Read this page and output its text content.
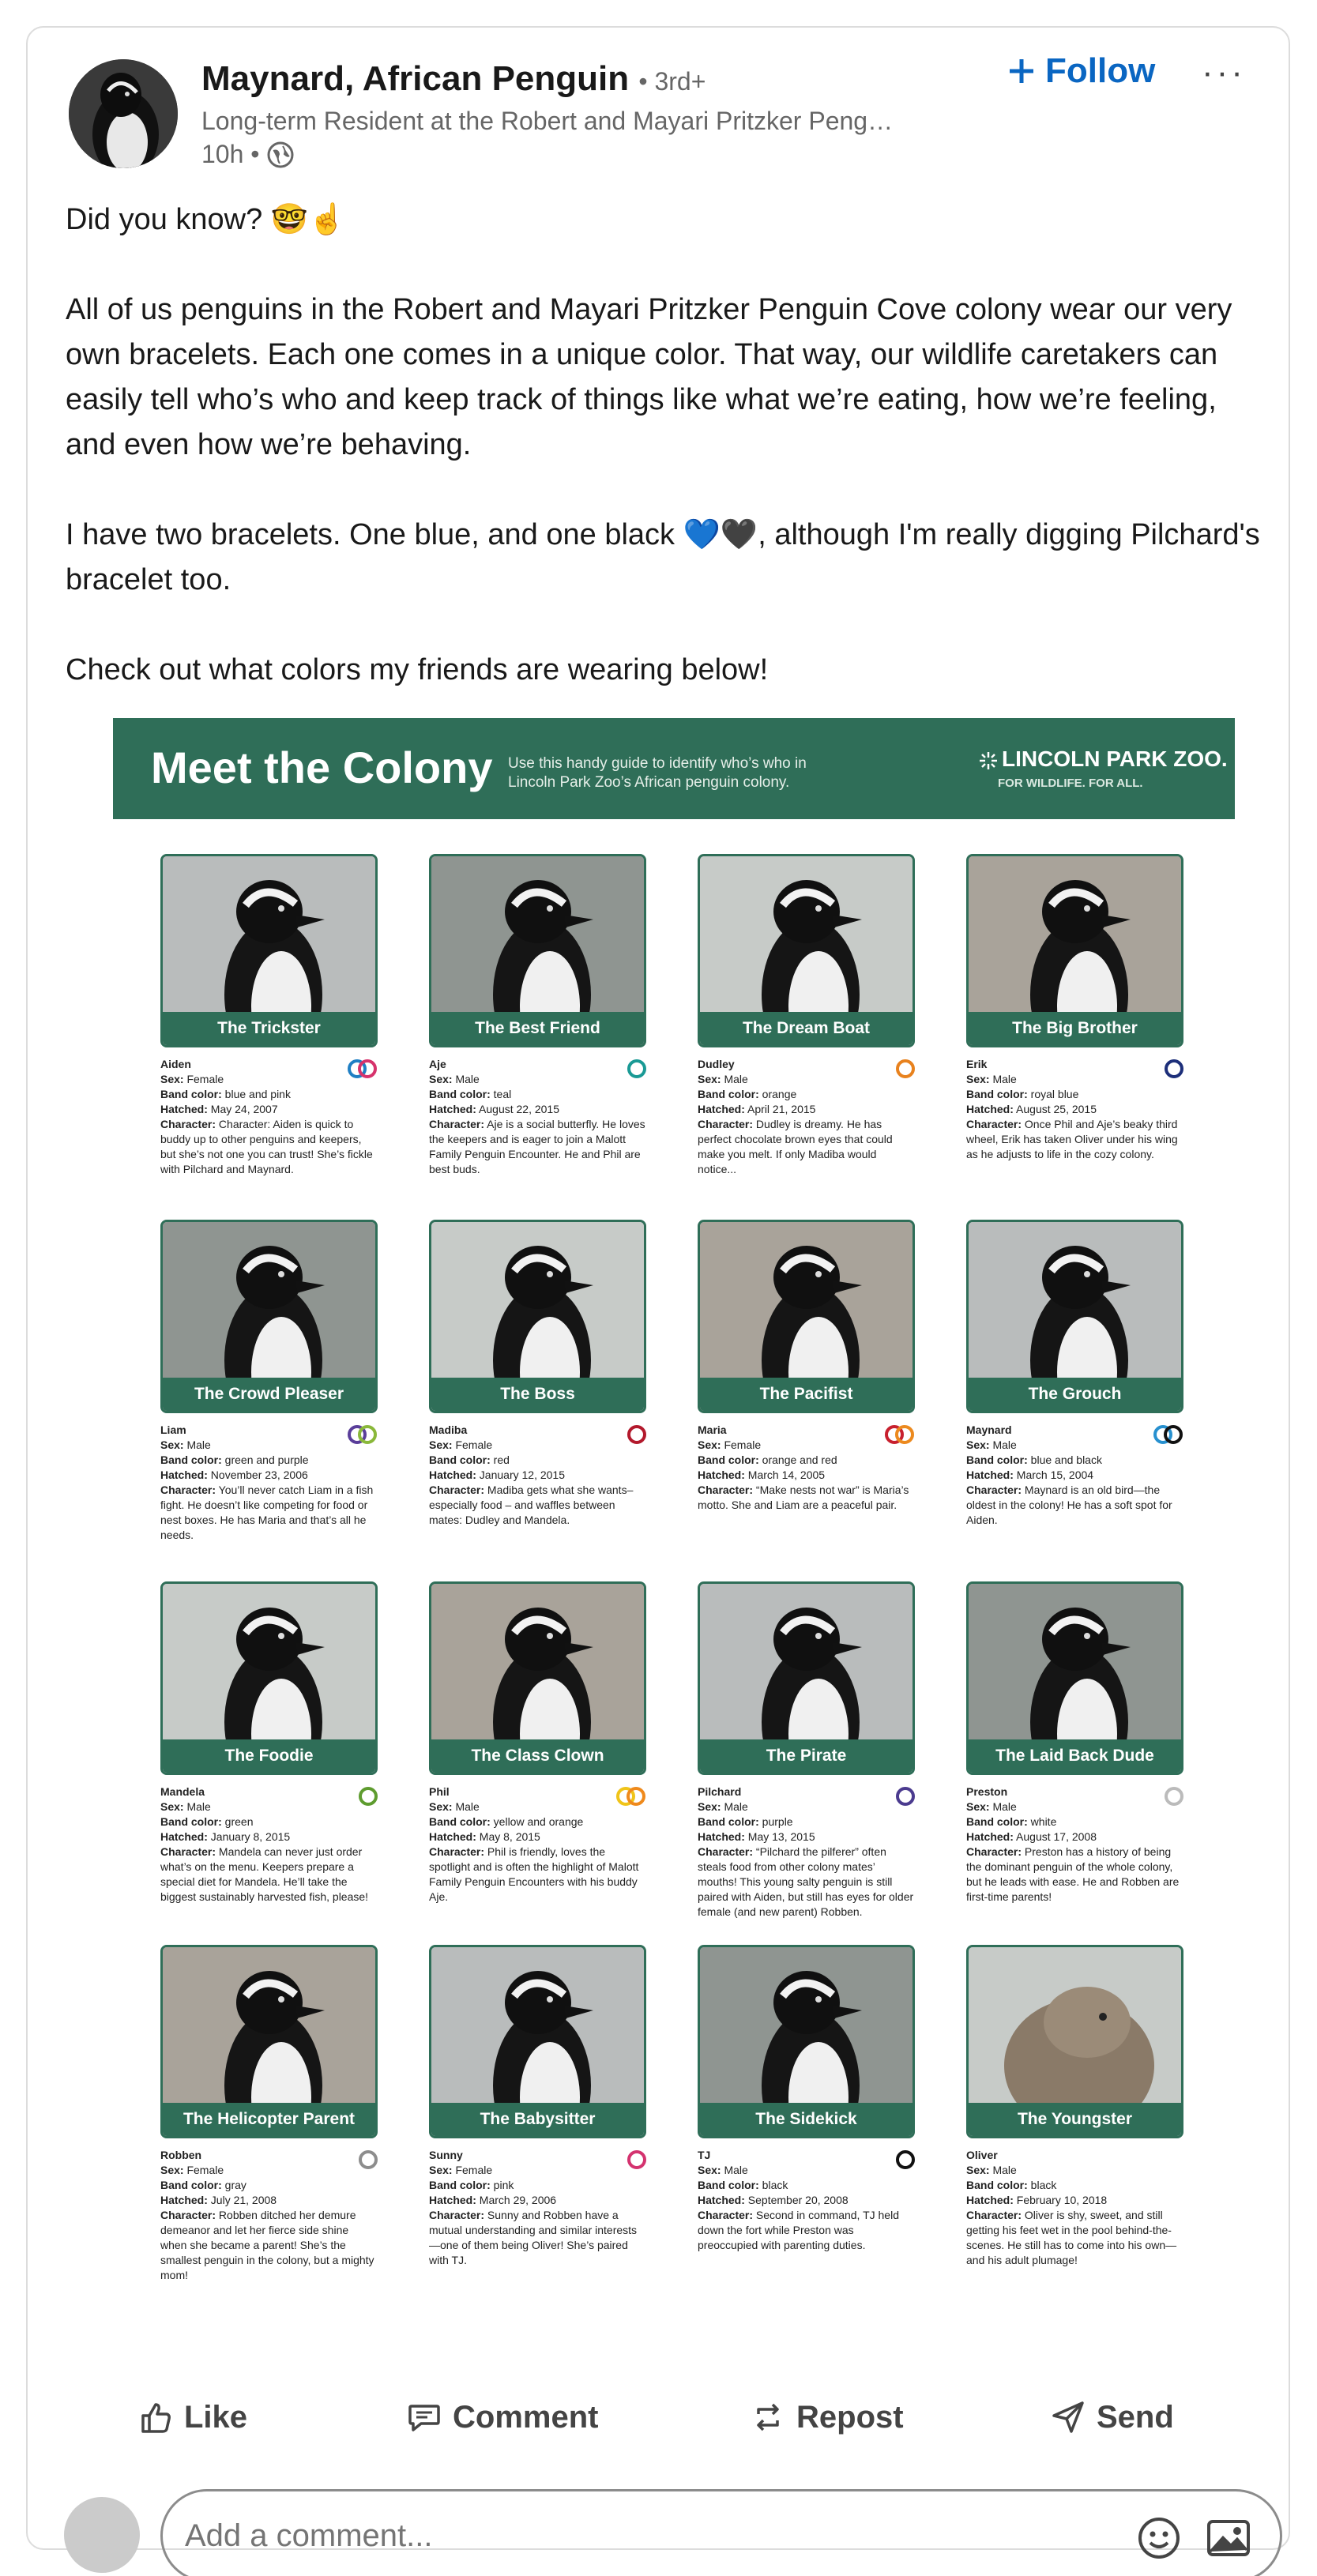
Maynard, African Penguin • 3rd+
Long-term Resident at the Robert and Mayari Pritzker Peng…
10h •
Follow ···

Did you know? 🤓☝️

All of us penguins in the Robert and Mayari Pritzker Penguin Cove colony wear our very own bracelets. Each one comes in a unique color. That way, our wildlife caretakers can easily tell who’s who and keep track of things like what we’re eating, how we’re feeling, and even how we’re behaving.

I have two bracelets. One blue, and one black 💙🖤, although I'm really digging Pilchard's bracelet too.

Check out what colors my friends are wearing below!

Meet the Colony Use this handy guide to identify who’s who in Lincoln Park Zoo’s African penguin colony.
LINCOLN PARK ZOO.
FOR WILDLIFE. FOR ALL.
The Trickster
Aiden
Sex: Female
Band color: blue and pink
Hatched: May 24, 2007
Character: Character: Aiden is quick to buddy up to other penguins and keepers, but she’s not one you can trust! She’s fickle with Pilchard and Maynard.
The Best Friend
Aje
Sex: Male
Band color: teal
Hatched: August 22, 2015
Character: Aje is a social butterfly. He loves the keepers and is eager to join a Malott Family Penguin Encounter. He and Phil are best buds.
The Dream Boat
Dudley
Sex: Male
Band color: orange
Hatched: April 21, 2015
Character: Dudley is dreamy. He has perfect chocolate brown eyes that could make you melt. If only Madiba would notice...
The Big Brother
Erik
Sex: Male
Band color: royal blue
Hatched: August 25, 2015
Character: Once Phil and Aje’s beaky third wheel, Erik has taken Oliver under his wing as he adjusts to life in the cozy colony.
The Crowd Pleaser
Liam
Sex: Male
Band color: green and purple
Hatched: November 23, 2006
Character: You’ll never catch Liam in a fish fight. He doesn’t like competing for food or nest boxes. He has Maria and that’s all he needs.
The Boss
Madiba
Sex: Female
Band color: red
Hatched: January 12, 2015
Character: Madiba gets what she wants– especially food – and waffles between mates: Dudley and Mandela.
The Pacifist
Maria
Sex: Female
Band color: orange and red
Hatched: March 14, 2005
Character: “Make nests not war” is Maria’s motto. She and Liam are a peaceful pair.
The Grouch
Maynard
Sex: Male
Band color: blue and black
Hatched: March 15, 2004
Character: Maynard is an old bird—the oldest in the colony! He has a soft spot for Aiden.
The Foodie
Mandela
Sex: Male
Band color: green
Hatched: January 8, 2015
Character: Mandela can never just order what’s on the menu. Keepers prepare a special diet for Mandela. He’ll take the biggest sustainably harvested fish, please!
The Class Clown
Phil
Sex: Male
Band color: yellow and orange
Hatched: May 8, 2015
Character: Phil is friendly, loves the spotlight and is often the highlight of Malott Family Penguin Encounters with his buddy Aje.
The Pirate
Pilchard
Sex: Male
Band color: purple
Hatched: May 13, 2015
Character: “Pilchard the pilferer” often steals food from other colony mates’ mouths! This young salty penguin is still paired with Aiden, but still has eyes for older female (and new parent) Robben.
The Laid Back Dude
Preston
Sex: Male
Band color: white
Hatched: August 17, 2008
Character: Preston has a history of being the dominant penguin of the whole colony, but he leads with ease. He and Robben are first-time parents!
The Helicopter Parent
Robben
Sex: Female
Band color: gray
Hatched: July 21, 2008
Character: Robben ditched her demure demeanor and let her fierce side shine when she became a parent! She’s the smallest penguin in the colony, but a mighty mom!
The Babysitter
Sunny
Sex: Female
Band color: pink
Hatched: March 29, 2006
Character: Sunny and Robben have a mutual understanding and similar interests—one of them being Oliver! She’s paired with TJ.
The Sidekick
TJ
Sex: Male
Band color: black
Hatched: September 20, 2008
Character: Second in command, TJ held down the fort while Preston was preoccupied with parenting duties.
The Youngster
Oliver
Sex: Male
Band color: black
Hatched: February 10, 2018
Character: Oliver is shy, sweet, and still getting his feet wet in the pool behind-the-scenes. He still has to come into his own—and his adult plumage!
Like	Comment	Repost	Send
Add a comment...
